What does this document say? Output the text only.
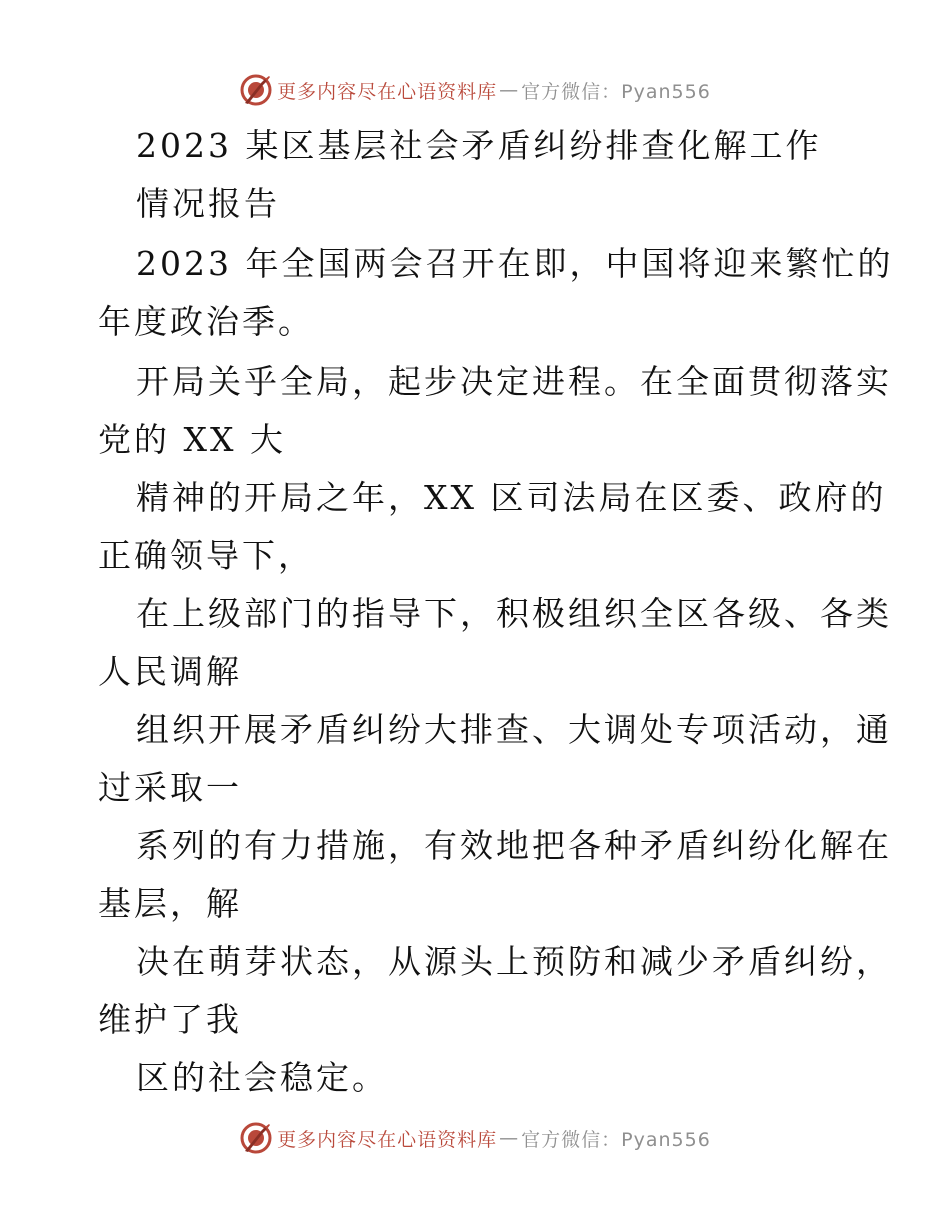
更多内容尽在心语资料库 — 官方微信：Pyan556
2023 某区基层社会矛盾纠纷排查化解工作
情况报告
2023 年全国两会召开在即，中国将迎来繁忙的
年度政治季。
开局关乎全局，起步决定进程。在全面贯彻落实
党的 XX 大
精神的开局之年，XX 区司法局在区委、政府的
正确领导下，
在上级部门的指导下，积极组织全区各级、各类
人民调解
组织开展矛盾纠纷大排查、大调处专项活动，通
过采取一
系列的有力措施，有效地把各种矛盾纠纷化解在
基层，解
决在萌芽状态，从源头上预防和减少矛盾纠纷，
维护了我
区的社会稳定。
更多内容尽在心语资料库 — 官方微信：Pyan556
